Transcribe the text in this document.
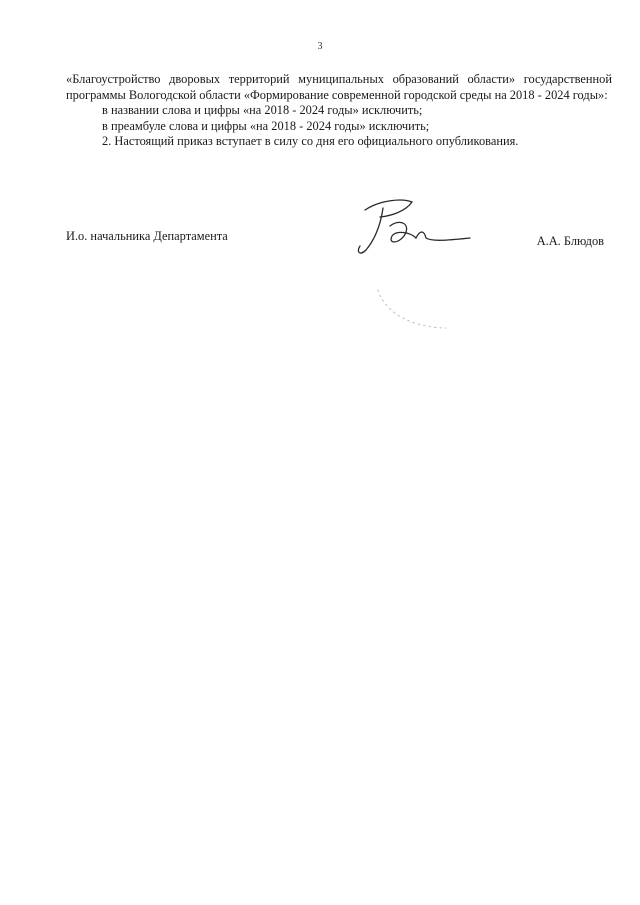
3

«Благоустройство дворовых территорий муниципальных образований области» государственной программы Вологодской области «Формирование современной городской среды на 2018 - 2024 годы»:

в названии слова и цифры «на 2018 - 2024 годы» исключить;

в преамбуле слова и цифры «на 2018 - 2024 годы» исключить;

2. Настоящий приказ вступает в силу со дня его официального опубликования.

И.о. начальника Департамента	А.А. Блюдов
